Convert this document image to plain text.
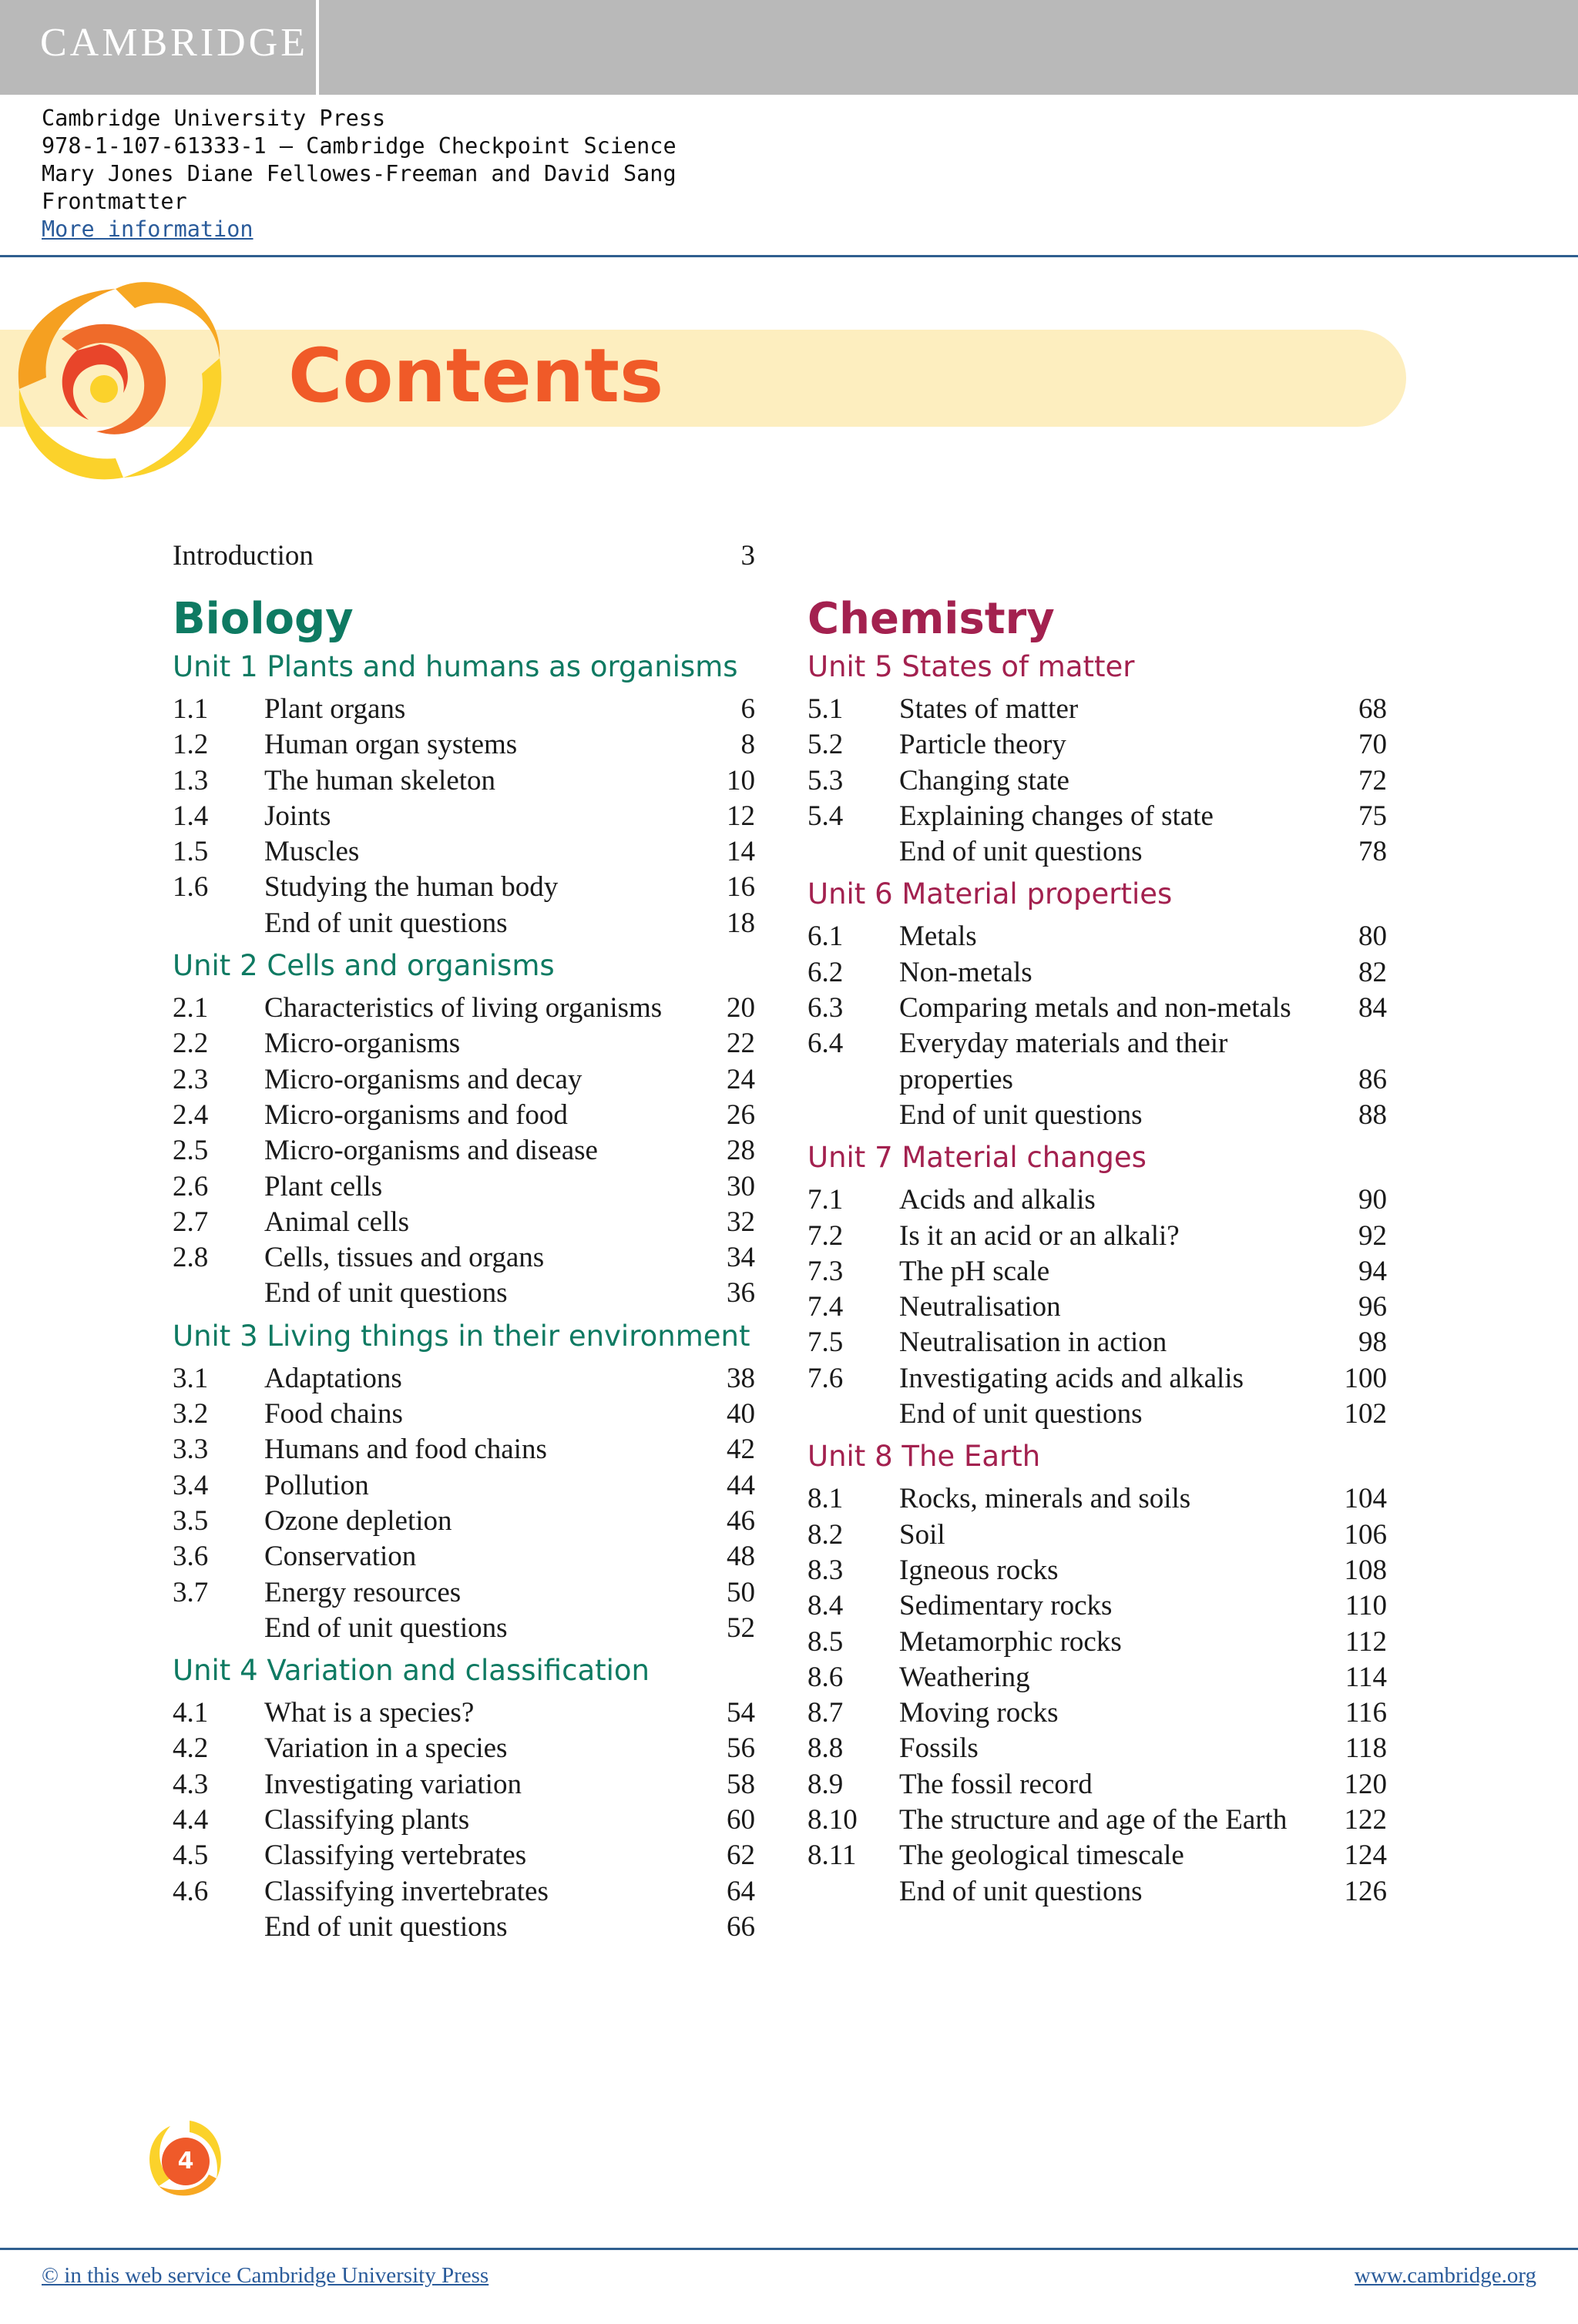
CAMBRIDGE
Cambridge University Press
978-1-107-61333-1 – Cambridge Checkpoint Science
Mary Jones Diane Fellowes-Freeman and David Sang
Frontmatter
More information
Contents
Introduction	3
Biology
Unit 1 Plants and humans as organisms
1.1 Plant organs	6
1.2 Human organ systems	8
1.3 The human skeleton	10
1.4 Joints	12
1.5 Muscles	14
1.6 Studying the human body	16
End of unit questions	18
Unit 2 Cells and organisms
2.1 Characteristics of living organisms 20
2.2 Micro-organisms	22
2.3 Micro-organisms and decay	24
2.4 Micro-organisms and food	26
2.5 Micro-organisms and disease	28
2.6 Plant cells	30
2.7 Animal cells	32
2.8 Cells, tissues and organs	34
End of unit questions	36
Unit 3 Living things in their environment
3.1 Adaptations	38
3.2 Food chains	40
3.3 Humans and food chains	42
3.4 Pollution	44
3.5 Ozone depletion	46
3.6 Conservation	48
3.7 Energy resources	50
End of unit questions	52
Unit 4 Variation and classification
4.1 What is a species?	54
4.2 Variation in a species	56
4.3 Investigating variation	58
4.4 Classifying plants	60
4.5 Classifying vertebrates	62
4.6 Classifying invertebrates	64
End of unit questions	66
Chemistry
Unit 5 States of matter
5.1 States of matter	68
5.2 Particle theory	70
5.3 Changing state	72
5.4 Explaining changes of state	75
End of unit questions	78
Unit 6 Material properties
6.1 Metals	80
6.2 Non-metals	82
6.3 Comparing metals and non-metals 84
6.4 Everyday materials and their
properties	86
End of unit questions	88
Unit 7 Material changes
7.1 Acids and alkalis	90
7.2 Is it an acid or an alkali?	92
7.3 The pH scale	94
7.4 Neutralisation	96
7.5 Neutralisation in action	98
7.6 Investigating acids and alkalis	100
End of unit questions	102
Unit 8 The Earth
8.1 Rocks, minerals and soils	104
8.2 Soil	106
8.3 Igneous rocks	108
8.4 Sedimentary rocks	110
8.5 Metamorphic rocks	112
8.6 Weathering	114
8.7 Moving rocks	116
8.8 Fossils	118
8.9 The fossil record	120
8.10 The structure and age of the Earth 122
8.11 The geological timescale	124
End of unit questions	126
4
© in this web service Cambridge University Press	www.cambridge.org
